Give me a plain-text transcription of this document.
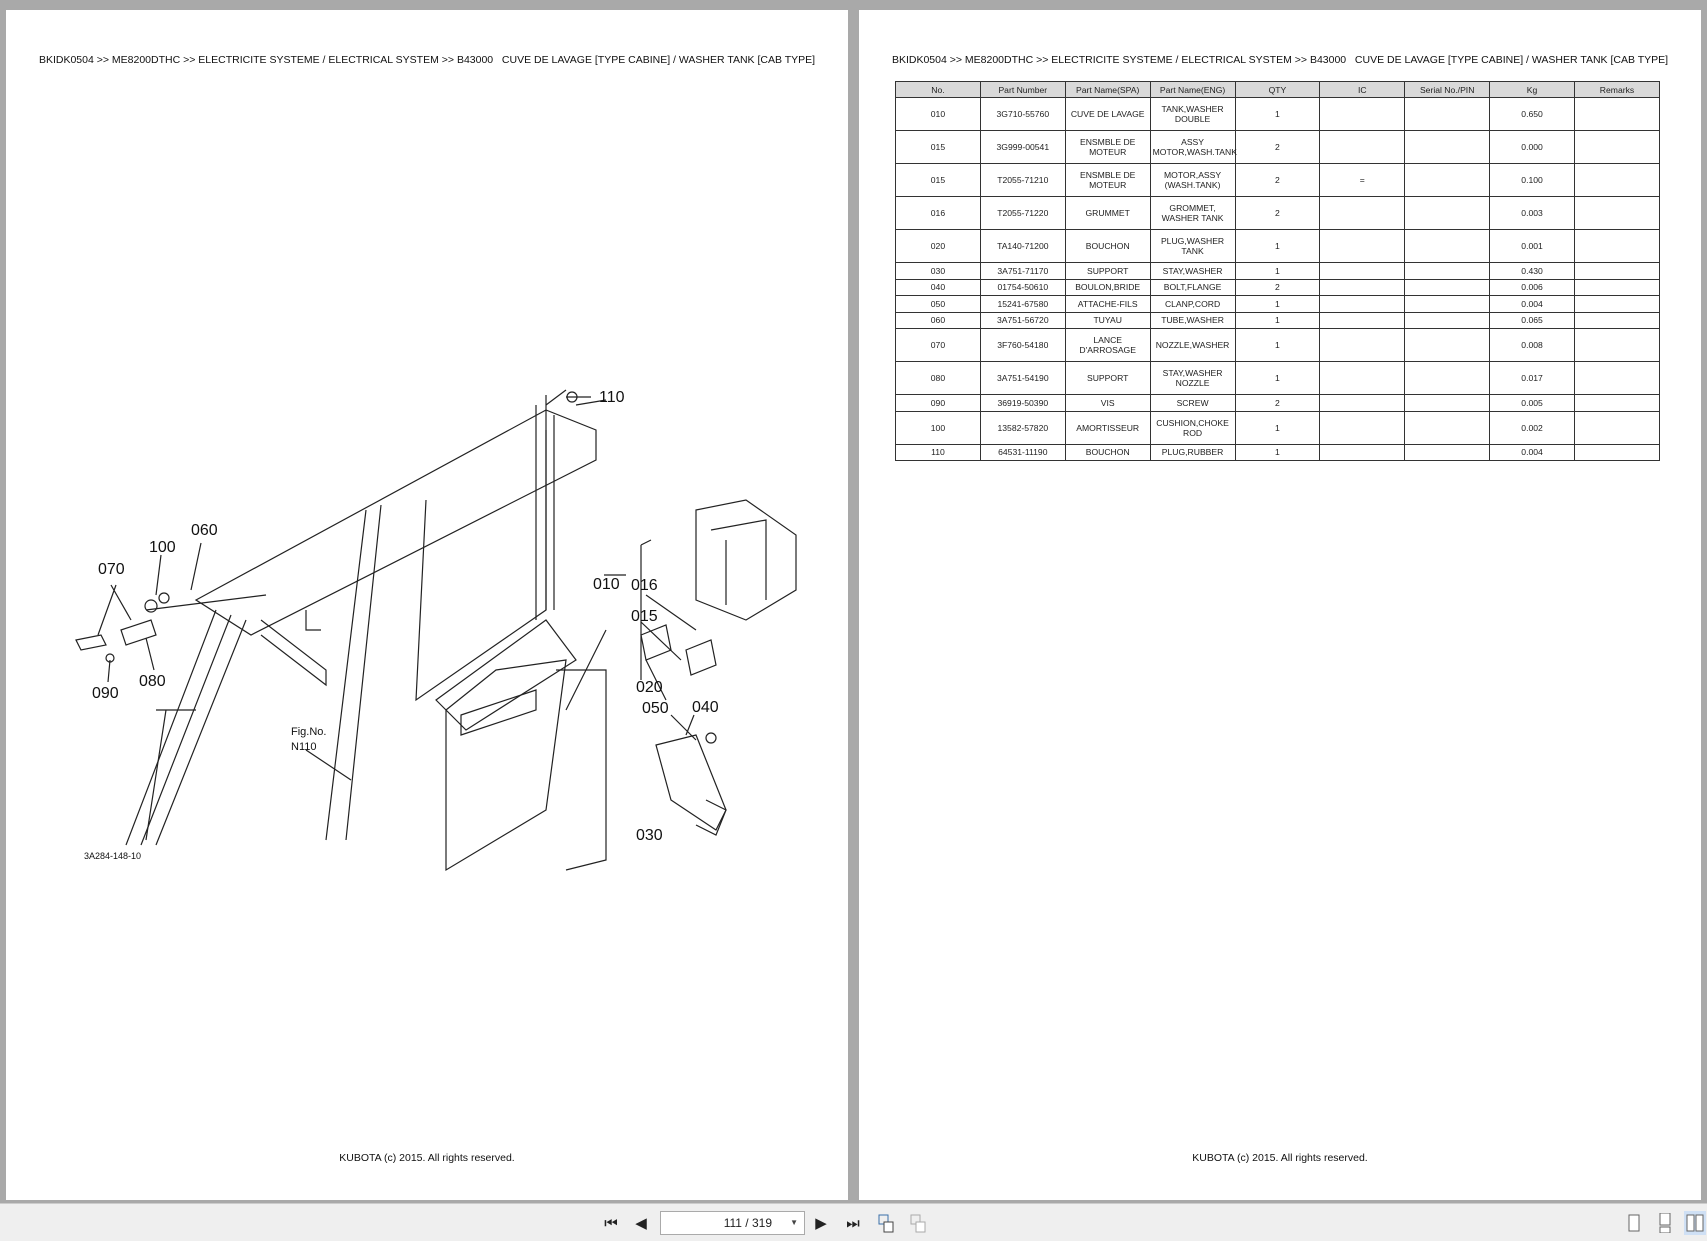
BKIDK0504 >> ME8200DTHC >> ELECTRICITE SYSTEME / ELECTRICAL SYSTEM >> B43000   CUVE DE LAVAGE [TYPE CABINE] / WASHER TANK [CAB TYPE]
110
060
100
070
080
090
010 016
015
020
050 040
030
Fig.No.
N110
3A284-148-10
KUBOTA (c) 2015. All rights reserved.
BKIDK0504 >> ME8200DTHC >> ELECTRICITE SYSTEME / ELECTRICAL SYSTEM >> B43000   CUVE DE LAVAGE [TYPE CABINE] / WASHER TANK [CAB TYPE]
No.	Part Number	Part Name(SPA)	Part Name(ENG)	QTY	IC	Serial No./PIN	Kg	Remarks
010	3G710-55760	CUVE DE LAVAGE	TANK,WASHER DOUBLE	1			0.650	
015	3G999-00541	ENSMBLE DE MOTEUR	ASSY MOTOR,WASH.TANK	2			0.000	
015	T2055-71210	ENSMBLE DE MOTEUR	MOTOR,ASSY (WASH.TANK)	2	=		0.100	
016	T2055-71220	GRUMMET	GROMMET, WASHER TANK	2			0.003	
020	TA140-71200	BOUCHON	PLUG,WASHER TANK	1			0.001	
030	3A751-71170	SUPPORT	STAY,WASHER	1			0.430	
040	01754-50610	BOULON,BRIDE	BOLT,FLANGE	2			0.006	
050	15241-67580	ATTACHE-FILS	CLANP,CORD	1			0.004	
060	3A751-56720	TUYAU	TUBE,WASHER	1			0.065	
070	3F760-54180	LANCE D'ARROSAGE	NOZZLE,WASHER	1			0.008	
080	3A751-54190	SUPPORT	STAY,WASHER NOZZLE	1			0.017	
090	36919-50390	VIS	SCREW	2			0.005	
100	13582-57820	AMORTISSEUR	CUSHION,CHOKE ROD	1			0.002	
110	64531-11190	BOUCHON	PLUG,RUBBER	1			0.004	
KUBOTA (c) 2015. All rights reserved.
⏮ ◀	111 / 319 ▼ ▶ ⏭
